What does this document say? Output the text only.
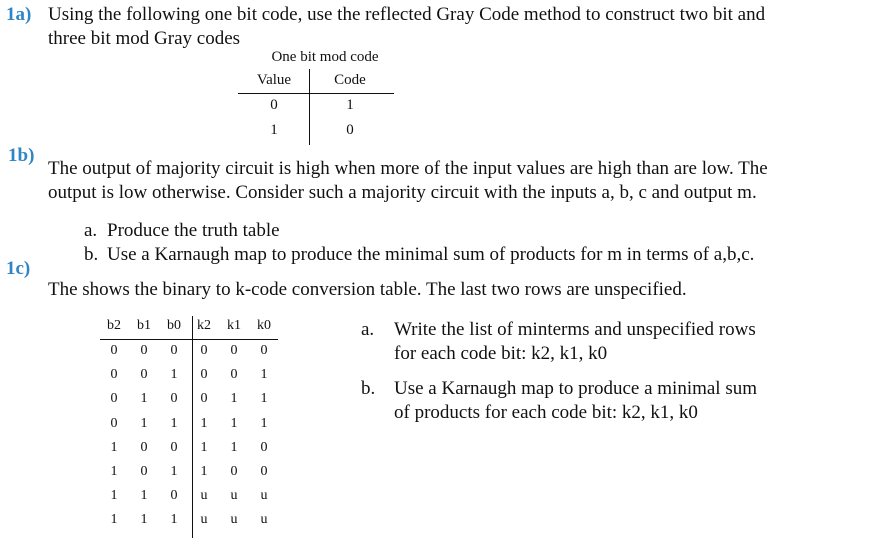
1a) Using the following one bit code, use the reflected Gray Code method to construct two bit and
three bit mod Gray codes
One bit mod code
Value	Code
0	1
1	0
1b)
The output of majority circuit is high when more of the input values are high than are low. The
output is low otherwise. Consider such a majority circuit with the inputs a, b, c and output m.
a. Produce the truth table
b. Use a Karnaugh map to produce the minimal sum of products for m in terms of a,b,c.
1c)
The shows the binary to k-code conversion table. The last two rows are unspecified.
b2	b1	b0	k2	k1	k0
0	0	0	0	0	0
0	0	1	0	0	1
0	1	0	0	1	1
0	1	1	1	1	1
1	0	0	1	1	0
1	0	1	1	0	0
1	1	0	u	u	u
1	1	1	u	u	u
a. Write the list of minterms and unspecified rows
for each code bit: k2, k1, k0
b. Use a Karnaugh map to produce a minimal sum
of products for each code bit: k2, k1, k0
